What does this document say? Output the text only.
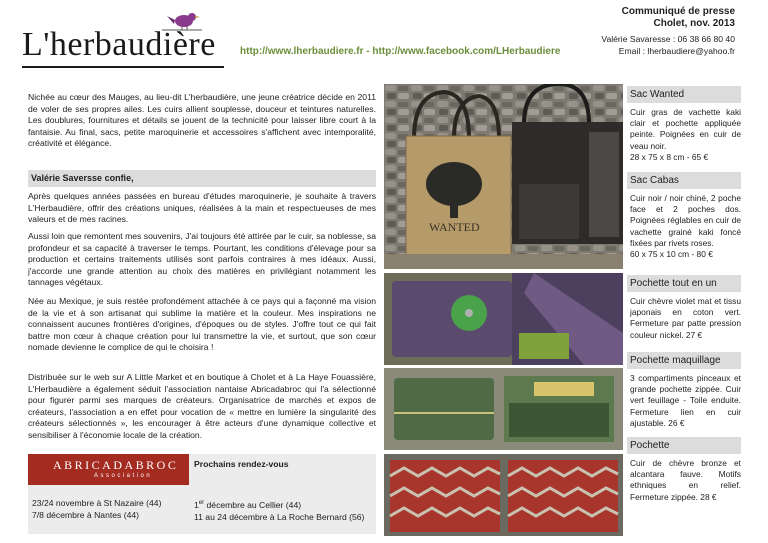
L'herbaudière http://www.lherbaudiere.fr - http://www.facebook.com/LHerbaudiere
Communiqué de presse
Cholet, nov. 2013
Valérie Savaresse : 06 38 66 80 40
Email : lherbaudiere@yahoo.fr

Nichée au cœur des Mauges, au lieu-dit L'herbaudière, une jeune créatrice décide en 2011 de voler de ses propres ailes. Les cuirs allient souplesse, douceur et teintures naturelles. Les doublures, fournitures et détails se jouent de la technicité pour laisser libre court à la fantaisie. Au final, sacs, petite maroquinerie et accessoires s'affichent avec intemporalité, créativité et élégance.

Valérie Saversse confie,

Après quelques années passées en bureau d'études maroquinerie, je souhaite à travers L'Herbaudière, offrir des créations uniques, réalisées à la main et respectueuses de mes valeurs et de mes racines.

Aussi loin que remontent mes souvenirs, J'ai toujours été attirée par le cuir, sa noblesse, sa profondeur et sa capacité à traverser le temps. Pourtant, les conditions d'élevage pour sa production et certains traitements utilisés sont parfois contraires à mes idéaux. Aussi, j'accorde une grande attention au choix des matières en privilégiant notamment les tannages végétaux.

Née au Mexique, je suis restée profondément attachée à ce pays qui a façonné ma vision de la vie et à son artisanat qui sublime la matière et la couleur. Mes inspirations ne connaissent aucunes frontières d'origines, d'époques ou de styles. J'offre tout ce qui fait battre mon cœur à chaque création pour lui transmettre la vie, et surtout, que son cœur nomade devienne le complice de qui le choisira !

Distribuée sur le web sur A Little Market et en boutique à Cholet et à La Haye Fouassière, L'Herbaudière a également séduit l'association nantaise Abricadabroc qui l'a sélectionné pour figurer parmi ses marques de créateurs. Organisatrice de marchés et expos de créateurs, l'association a en effet pour vocation de « mettre en lumière la singularité des créateurs sélectionnés », les encourager à être acteurs d'une dynamique collective et sensibiliser à l'économie locale de la création.

ABRICADABROC
Association
Prochains rendez-vous
23/24 novembre à St Nazaire (44)
7/8 décembre à Nantes (44)
1er décembre au Cellier (44)
11 au 24 décembre à La Roche Bernard (56)
WANTED
Sac Wanted
Cuir gras de vachette kaki clair et pochette appliquée peinte. Poignées en cuir de veau noir.
28 x 75 x 8 cm - 65 €
Sac Cabas
Cuir noir / noir chiné, 2 poche face et 2 poches dos. Poignées réglables en cuir de vachette grainé kaki foncé fixées par rivets roses.
60 x 75 x 10 cm - 80 €
Pochette tout en un
Cuir chèvre violet mat et tissu japonais en coton vert. Fermeture par patte pression couleur nickel. 27 €
Pochette maquillage
3 compartiments pinceaux et grande pochette zippée. Cuir vert feuillage - Toile enduite. Fermeture lien en cuir ajustable. 26 €
Pochette
Cuir de chèvre bronze et alcantara fauve. Motifs ethniques en relief. Fermeture zippée. 28 €
